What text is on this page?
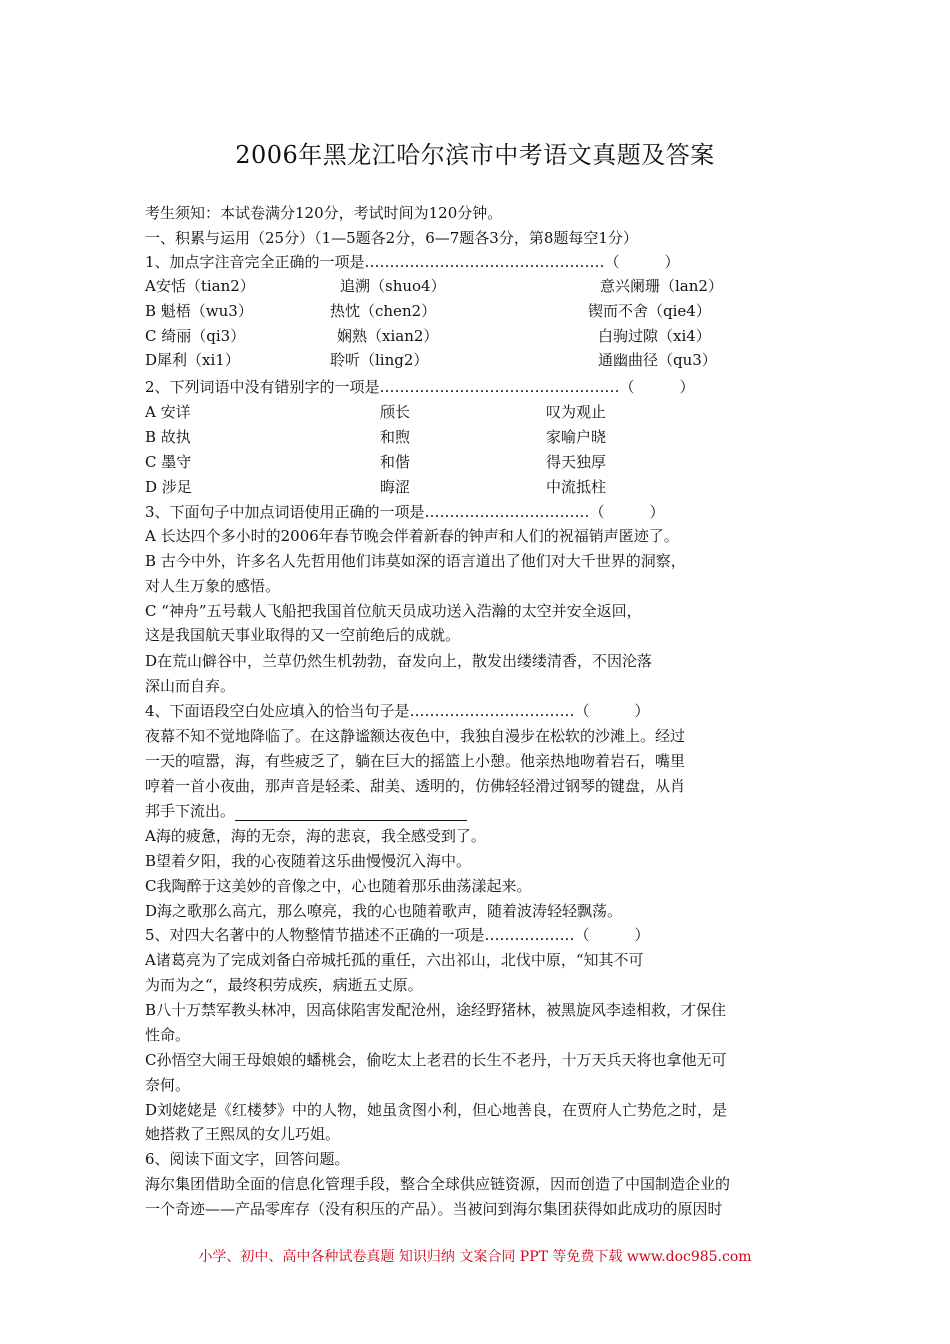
2006年黑龙江哈尔滨市中考语文真题及答案
考生须知：本试卷满分120分，考试时间为120分钟。
一、积累与运用（25分）（1—5题各2分，6—7题各3分，第8题每空1分）
1、加点字注音完全正确的一项是…………………………………………（　　　）
A安恬（tian2）	追溯（shuo4）	意兴阑珊（lan2）
B 魁梧（wu3）	热忱（chen2）	锲而不舍（qie4）
C 绮丽（qi3）	娴熟（xian2）	白驹过隙（xi4）
D犀利（xi1）	聆听（ling2）	通幽曲径（qu3）
2、下列词语中没有错别字的一项是…………………………………………（　　　）
A 安详	颀长	叹为观止
B 故执	和煦	家喻户晓
C 墨守	和偕	得天独厚
D 涉足	晦涩	中流抵柱
3、下面句子中加点词语使用正确的一项是……………………………（　　　）
A 长达四个多小时的2006年春节晚会伴着新春的钟声和人们的祝福销声匿迹了。
B 古今中外，许多名人先哲用他们讳莫如深的语言道出了他们对大千世界的洞察，
对人生万象的感悟。
C “神舟”五号载人飞船把我国首位航天员成功送入浩瀚的太空并安全返回，
这是我国航天事业取得的又一空前绝后的成就。
D在荒山僻谷中，兰草仍然生机勃勃，奋发向上，散发出缕缕清香，不因沦落
深山而自弃。
4、下面语段空白处应填入的恰当句子是……………………………（　　　）
夜幕不知不觉地降临了。在这静谧额达夜色中，我独自漫步在松软的沙滩上。经过
一天的喧嚣，海，有些疲乏了，躺在巨大的摇篮上小憩。他亲热地吻着岩石，嘴里
哼着一首小夜曲，那声音是轻柔、甜美、透明的，仿佛轻轻滑过钢琴的键盘，从肖
邦手下流出。
A海的疲惫，海的无奈，海的悲哀，我全感受到了。
B望着夕阳，我的心夜随着这乐曲慢慢沉入海中。
C我陶醉于这美妙的音像之中，心也随着那乐曲荡漾起来。
D海之歌那么高亢，那么嘹亮，我的心也随着歌声，随着波涛轻轻飘荡。
5、对四大名著中的人物整情节描述不正确的一项是………………（　　　）
A诸葛亮为了完成刘备白帝城托孤的重任，六出祁山，北伐中原，“知其不可
为而为之“，最终积劳成疾，病逝五丈原。
B八十万禁军教头林冲，因高俅陷害发配沧州，途经野猪林，被黑旋风李逵相救，才保住
性命。
C孙悟空大闹王母娘娘的蟠桃会，偷吃太上老君的长生不老丹，十万天兵天将也拿他无可
奈何。
D刘姥姥是《红楼梦》中的人物，她虽贪图小利，但心地善良，在贾府人亡势危之时，是
她搭救了王熙凤的女儿巧姐。
6、阅读下面文字，回答问题。
海尔集团借助全面的信息化管理手段，整合全球供应链资源，因而创造了中国制造企业的
一个奇迹——产品零库存（没有积压的产品）。当被问到海尔集团获得如此成功的原因时
小学、初中、高中各种试卷真题 知识归纳 文案合同 PPT 等免费下载 www.doc985.com
